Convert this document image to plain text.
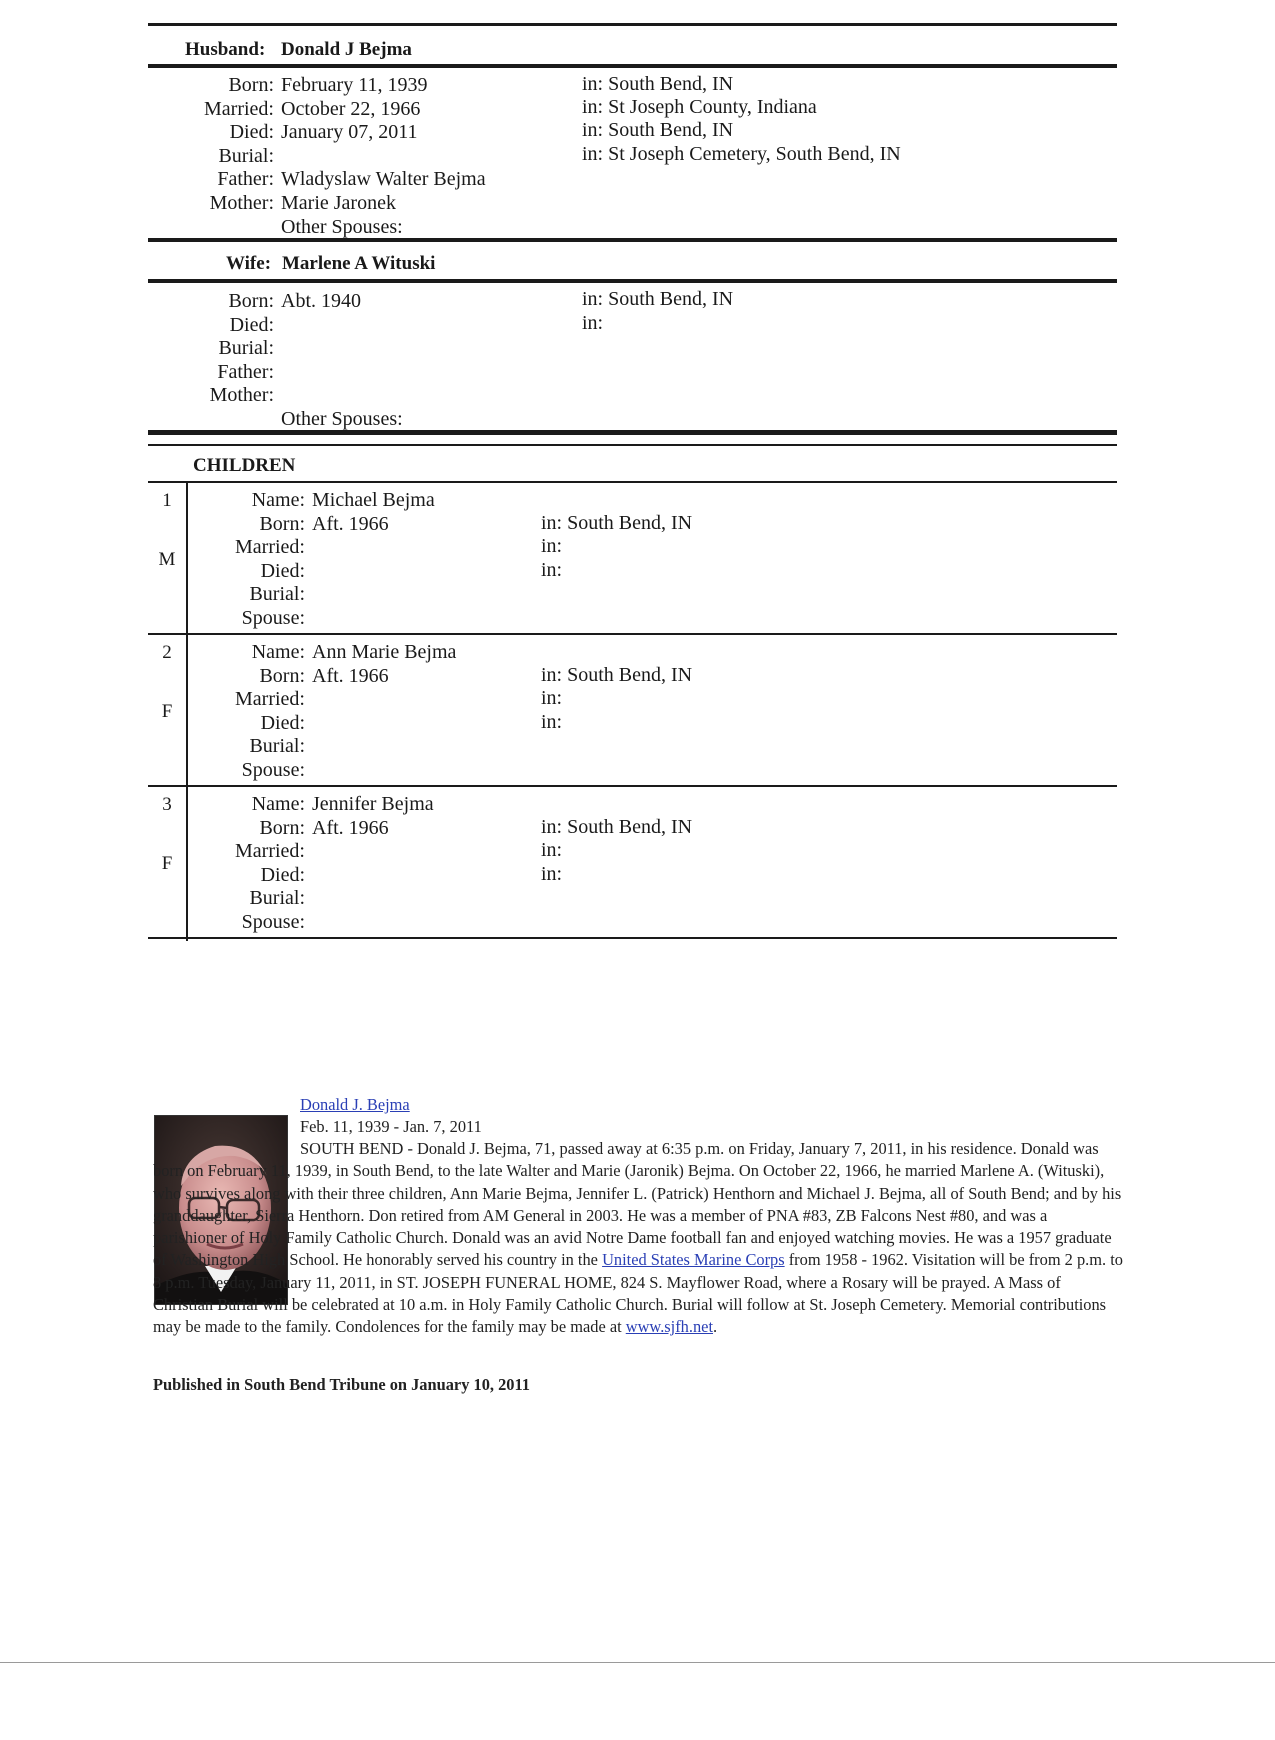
Husband: Donald J Bejma
Born: February 11, 1939	in: South Bend, IN
Married: October 22, 1966	in: St Joseph County, Indiana
Died: January 07, 2011	in: South Bend, IN
Burial:	in: St Joseph Cemetery, South Bend, IN
Father: Wladyslaw Walter Bejma
Mother: Marie Jaronek
Other Spouses:
Wife: Marlene A Wituski
Born: Abt. 1940	in: South Bend, IN
Died:	in:
Burial:
Father:
Mother:
Other Spouses:
CHILDREN
1
M
Name: Michael Bejma
Born: Aft. 1966	in: South Bend, IN
Married:	in:
Died:	in:
Burial:
Spouse:
2
F
Name: Ann Marie Bejma
Born: Aft. 1966	in: South Bend, IN
Married:	in:
Died:	in:
Burial:
Spouse:
3
F
Name: Jennifer Bejma
Born: Aft. 1966	in: South Bend, IN
Married:	in:
Died:	in:
Burial:
Spouse:
Donald J. Bejma
Feb. 11, 1939 - Jan. 7, 2011
SOUTH BEND - Donald J. Bejma, 71, passed away at 6:35 p.m. on Friday, January 7, 2011, in his residence. Donald was born on February 11, 1939, in South Bend, to the late Walter and Marie (Jaronik) Bejma. On October 22, 1966, he married Marlene A. (Wituski), who survives along with their three children, Ann Marie Bejma, Jennifer L. (Patrick) Henthorn and Michael J. Bejma, all of South Bend; and by his granddaughter, Sierra Henthorn. Don retired from AM General in 2003. He was a member of PNA #83, ZB Falcons Nest #80, and was a parishioner of Holy Family Catholic Church. Donald was an avid Notre Dame football fan and enjoyed watching movies. He was a 1957 graduate of Washington High School. He honorably served his country in the United States Marine Corps from 1958 - 1962. Visitation will be from 2 p.m. to 8 p.m. Tuesday, January 11, 2011, in ST. JOSEPH FUNERAL HOME, 824 S. Mayflower Road, where a Rosary will be prayed. A Mass of Christian Burial will be celebrated at 10 a.m. in Holy Family Catholic Church. Burial will follow at St. Joseph Cemetery. Memorial contributions may be made to the family. Condolences for the family may be made at www.sjfh.net.
Published in South Bend Tribune on January 10, 2011
